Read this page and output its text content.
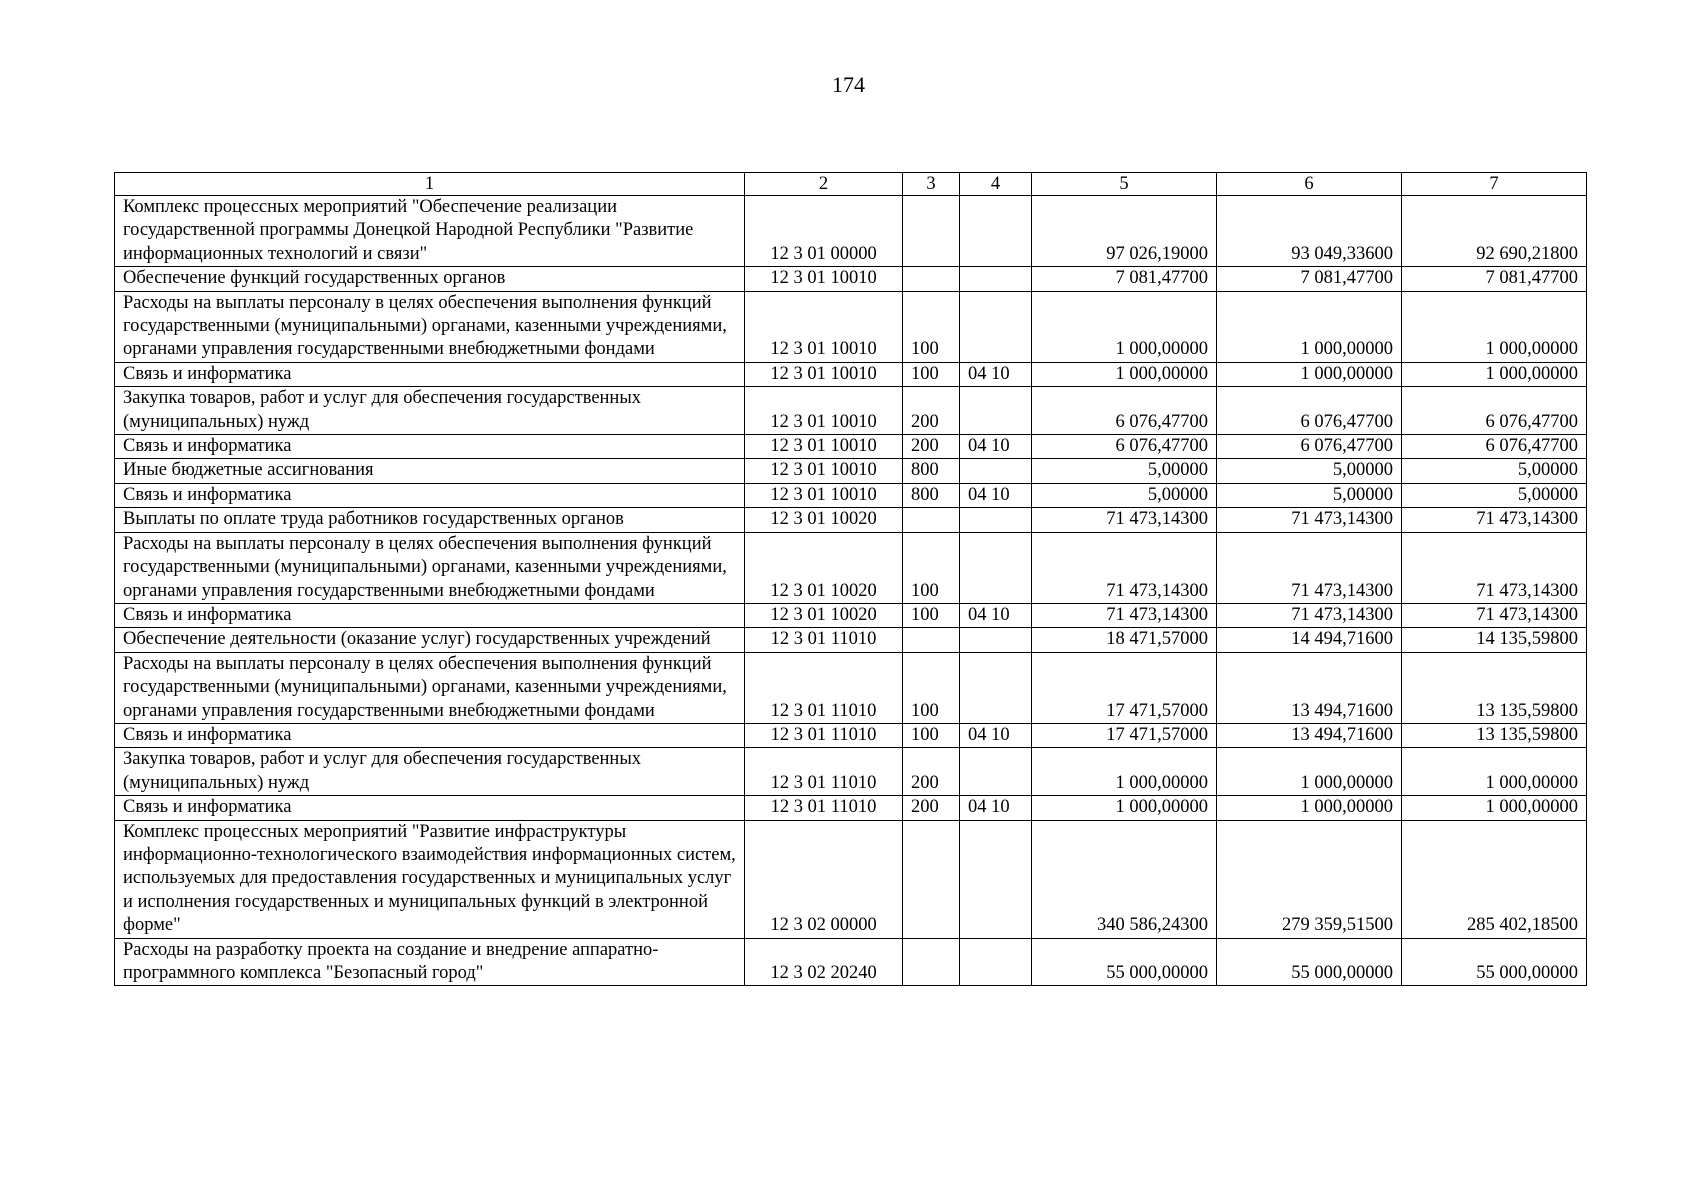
174
1	2	3	4	5	6	7
Комплекс процессных мероприятий "Обеспечение реализации государственной программы Донецкой Народной Республики "Развитие информационных технологий и связи"	12 3 01 00000			97 026,19000	93 049,33600	92 690,21800
Обеспечение функций государственных органов	12 3 01 10010			7 081,47700	7 081,47700	7 081,47700
Расходы на выплаты персоналу в целях обеспечения выполнения функций государственными (муниципальными) органами, казенными учреждениями, органами управления государственными внебюджетными фондами	12 3 01 10010	100		1 000,00000	1 000,00000	1 000,00000
Связь и информатика	12 3 01 10010	100	04 10	1 000,00000	1 000,00000	1 000,00000
Закупка товаров, работ и услуг для обеспечения государственных (муниципальных) нужд	12 3 01 10010	200		6 076,47700	6 076,47700	6 076,47700
Связь и информатика	12 3 01 10010	200	04 10	6 076,47700	6 076,47700	6 076,47700
Иные бюджетные ассигнования	12 3 01 10010	800		5,00000	5,00000	5,00000
Связь и информатика	12 3 01 10010	800	04 10	5,00000	5,00000	5,00000
Выплаты по оплате труда работников государственных органов	12 3 01 10020			71 473,14300	71 473,14300	71 473,14300
Расходы на выплаты персоналу в целях обеспечения выполнения функций государственными (муниципальными) органами, казенными учреждениями, органами управления государственными внебюджетными фондами	12 3 01 10020	100		71 473,14300	71 473,14300	71 473,14300
Связь и информатика	12 3 01 10020	100	04 10	71 473,14300	71 473,14300	71 473,14300
Обеспечение деятельности (оказание услуг) государственных учреждений	12 3 01 11010			18 471,57000	14 494,71600	14 135,59800
Расходы на выплаты персоналу в целях обеспечения выполнения функций государственными (муниципальными) органами, казенными учреждениями, органами управления государственными внебюджетными фондами	12 3 01 11010	100		17 471,57000	13 494,71600	13 135,59800
Связь и информатика	12 3 01 11010	100	04 10	17 471,57000	13 494,71600	13 135,59800
Закупка товаров, работ и услуг для обеспечения государственных (муниципальных) нужд	12 3 01 11010	200		1 000,00000	1 000,00000	1 000,00000
Связь и информатика	12 3 01 11010	200	04 10	1 000,00000	1 000,00000	1 000,00000
Комплекс процессных мероприятий "Развитие инфраструктуры информационно-технологического взаимодействия информационных систем, используемых для предоставления государственных и муниципальных услуг и исполнения государственных и муниципальных функций в электронной форме"	12 3 02 00000			340 586,24300	279 359,51500	285 402,18500
Расходы на разработку проекта на создание и внедрение аппаратно-программного комплекса "Безопасный город"	12 3 02 20240			55 000,00000	55 000,00000	55 000,00000
